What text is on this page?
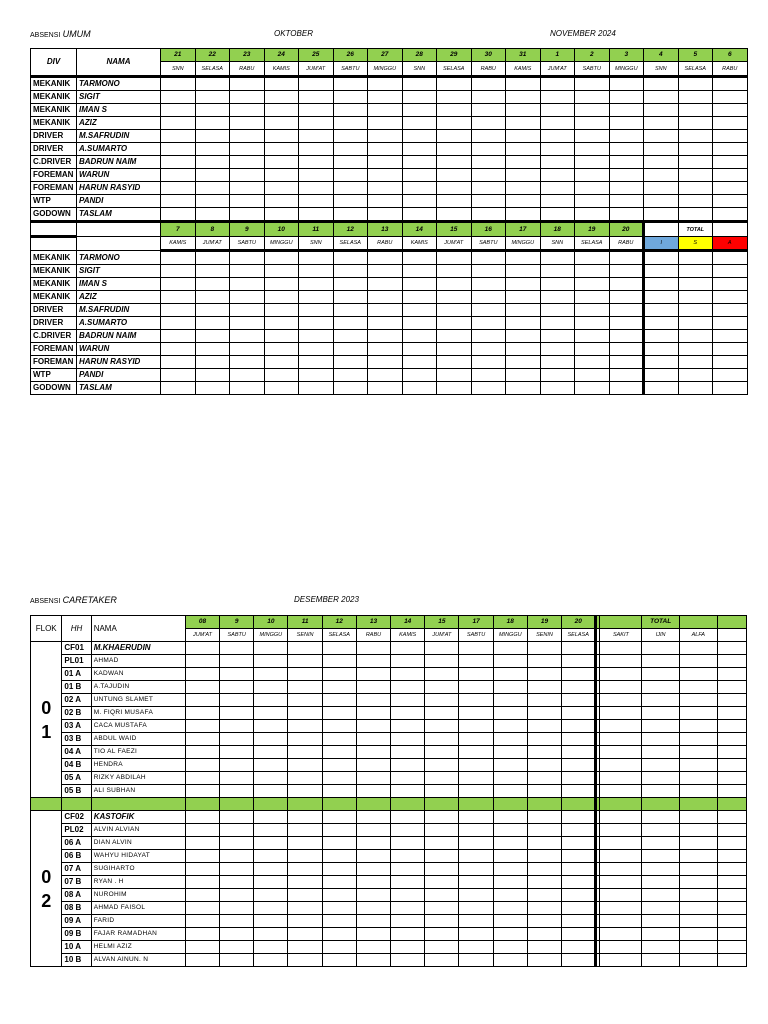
ABSENSI UMUM	OKTOBER	NOVEMBER 2024
DIV	NAMA	21	22	23	24	25	26	27	28	29	30	31	1	2	3	4	5	6
		SNN	SELASA	RABU	KAMIS	JUM'AT	SABTU	MINGGU	SNN	SELASA	RABU	KAMIS	JUM'AT	SABTU	MINGGU	SNN	SELASA	RABU
MEKANIK	TARMONO																	
MEKANIK	SIGIT																	
MEKANIK	IMAN S																	
MEKANIK	AZIZ																	
DRIVER	M.SAFRUDIN																	
DRIVER	A.SUMARTO																	
C.DRIVER	BADRUN NAIM																	
FOREMAN	WARUN																	
FOREMAN	HARUN RASYID																	
WTP	PANDI																	
GODOWN	TASLAM																	
		7	8	9	10	11	12	13	14	15	16	17	18	19	20		TOTAL	
		KAMIS	JUM'AT	SABTU	MINGGU	SNN	SELASA	RABU	KAMIS	JUM'AT	SABTU	MINGGU	SNN	SELASA	RABU	I	S	A
MEKANIK	TARMONO																	
MEKANIK	SIGIT																	
MEKANIK	IMAN S																	
MEKANIK	AZIZ																	
DRIVER	M.SAFRUDIN																	
DRIVER	A.SUMARTO																	
C.DRIVER	BADRUN NAIM																	
FOREMAN	WARUN																	
FOREMAN	HARUN RASYID																	
WTP	PANDI																	
GODOWN	TASLAM																	
ABSENSI CARETAKER	DESEMBER 2023
FLOK	HH	NAMA	08	9	10	11	12	13	14	15	17	18	19	20			TOTAL		
			JUM'AT	SABTU	MINGGU	SENIN	SELASA	RABU	KAMIS	JUM'AT	SABTU	MINGGU	SENIN	SELASA		SAKIT	IJIN	ALFA	

0
1	CF01	M.KHAERUDIN																	
	PL01	AHMAD																	
	01 A	KADWAN																	
	01 B	A.TAJUDIN																	
	02 A	UNTUNG SLAMET																	
	02 B	M. FIQRI MUSAFA																	
	03 A	CACA MUSTAFA																	
	03 B	ABDUL WAID																	
	04 A	TIO AL FAEZI																	
	04 B	HENDRA																	
	05 A	RIZKY ABDILAH																	
	05 B	ALI SUBHAN																	

0
2	CF02	KASTOFIK																	
	PL02	ALVIN ALVIAN																	
	06 A	DIAN ALVIN																	
	06 B	WAHYU HIDAYAT																	
	07 A	SUGIHARTO																	
	07 B	RYAN . H																	
	08 A	NUROHIM																	
	08 B	AHMAD FAISOL																	
	09 A	FARID																	
	09 B	FAJAR RAMADHAN																	
	10 A	HELMI AZIZ																	
	10 B	ALVAN AINUN. N																	
